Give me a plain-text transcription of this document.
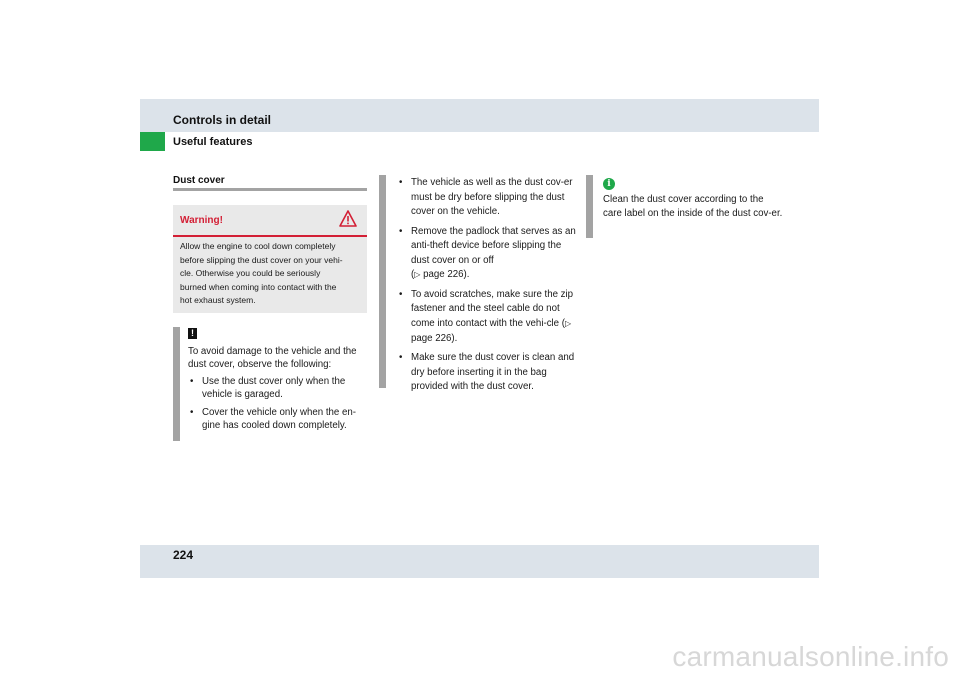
Controls in detail
Useful features
Dust cover
Warning!
Allow the engine to cool down completely
before slipping the dust cover on your vehi-
cle. Otherwise you could be seriously
burned when coming into contact with the
hot exhaust system.
!

To avoid damage to the vehicle and the dust cover, observe the following:

• Use the dust cover only when the vehicle is garaged.
• Cover the vehicle only when the en-gine has cooled down completely.
• The vehicle as well as the dust cov-er must be dry before slipping the dust cover on the vehicle.
• Remove the padlock that serves as an anti-theft device before slipping the dust cover on or off
(▷ page 226).
• To avoid scratches, make sure the zip fastener and the steel cable do not come into contact with the vehi-cle (▷ page 226).
• Make sure the dust cover is clean and dry before inserting it in the bag provided with the dust cover.
i
Clean the dust cover according to the care label on the inside of the dust cov-er.
224
carmanualsonline.info
